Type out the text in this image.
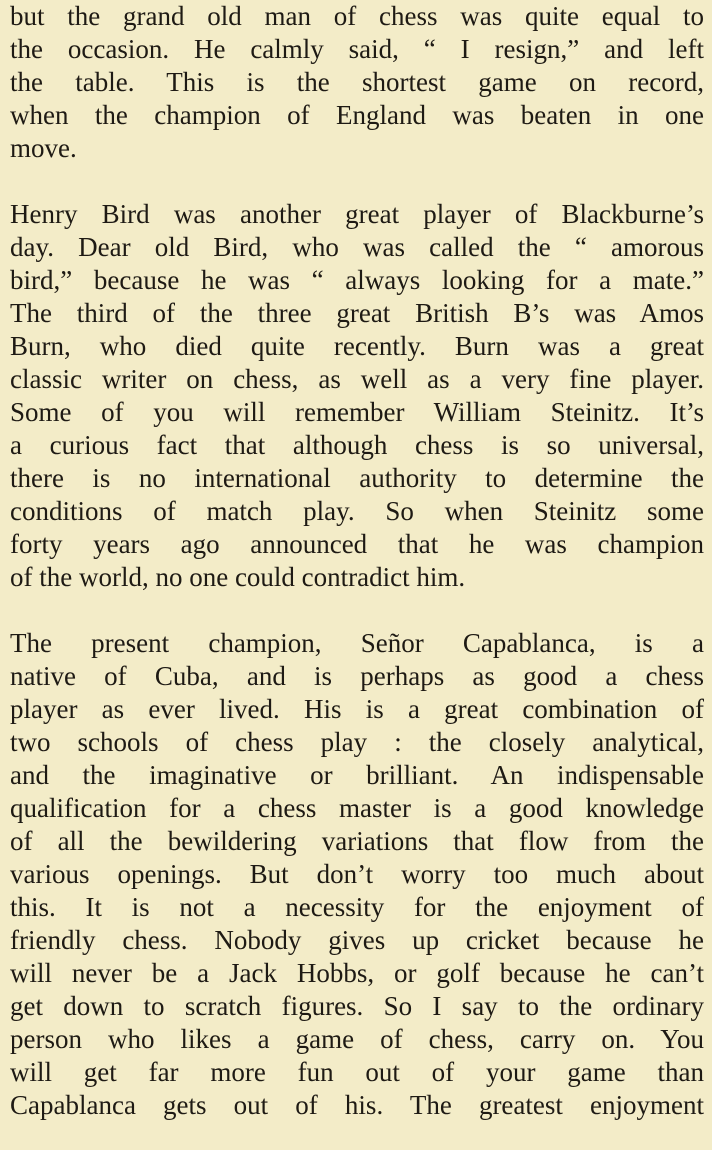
but the grand old man of chess was quite equal to
the occasion. He calmly said, “ I resign,” and left
the table. This is the shortest game on record,
when the champion of England was beaten in one
move.
Henry Bird was another great player of Blackburne’s
day. Dear old Bird, who was called the “ amorous
bird,” because he was “ always looking for a mate.”
The third of the three great British B’s was Amos
Burn, who died quite recently. Burn was a great
classic writer on chess, as well as a very fine player.
Some of you will remember William Steinitz. It’s
a curious fact that although chess is so universal,
there is no international authority to determine the
conditions of match play. So when Steinitz some
forty years ago announced that he was champion
of the world, no one could contradict him.
The present champion, Señor Capablanca, is a
native of Cuba, and is perhaps as good a chess
player as ever lived. His is a great combination of
two schools of chess play : the closely analytical,
and the imaginative or brilliant. An indispensable
qualification for a chess master is a good knowledge
of all the bewildering variations that flow from the
various openings. But don’t worry too much about
this. It is not a necessity for the enjoyment of
friendly chess. Nobody gives up cricket because he
will never be a Jack Hobbs, or golf because he can’t
get down to scratch figures. So I say to the ordinary
person who likes a game of chess, carry on. You
will get far more fun out of your game than
Capablanca gets out of his. The greatest enjoyment
